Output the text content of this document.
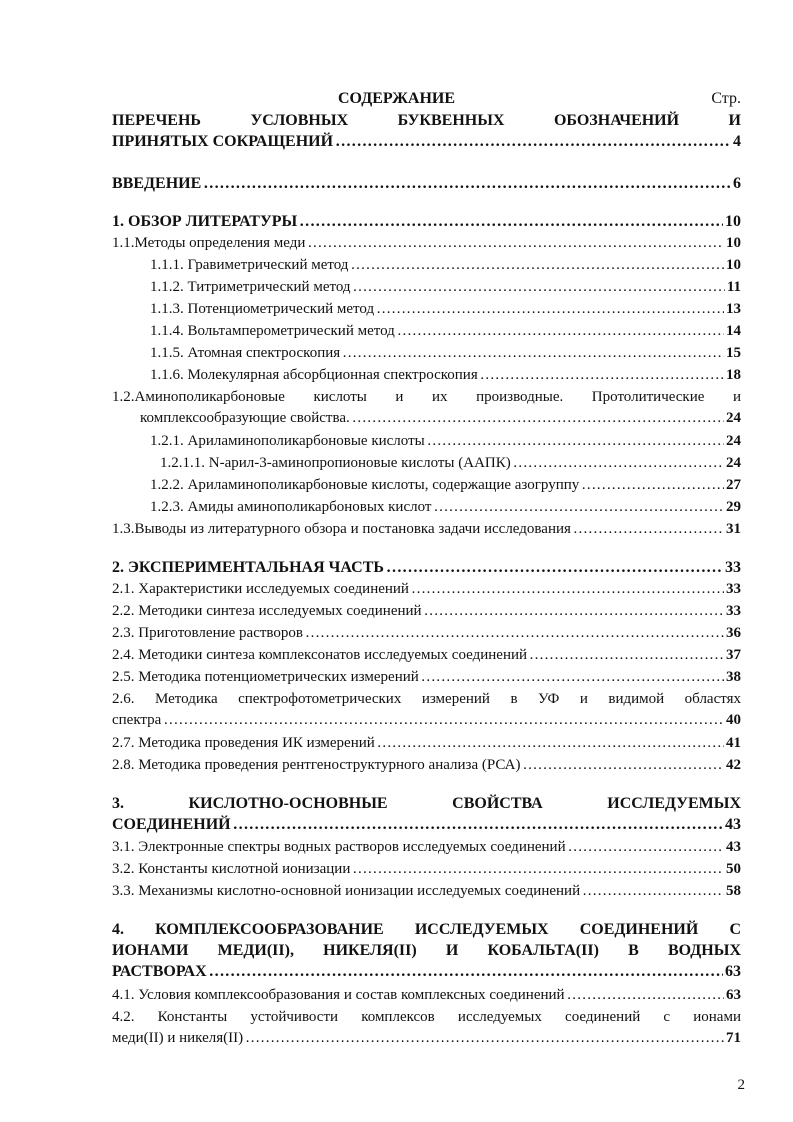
СОДЕРЖАНИЕ	Стр.
ПЕРЕЧЕНЬ УСЛОВНЫХ БУКВЕННЫХ ОБОЗНАЧЕНИЙ И
ПРИНЯТЫХ СОКРАЩЕНИЙ ……………………………………………………………………………………………………………………………………………………………………	4
ВВЕДЕНИЕ ……………………………………………………………………………………………………………………………………………………………………	6
1. ОБЗОР ЛИТЕРАТУРЫ ……………………………………………………………………………………………………………………………………………………………………	10
1.1.Методы определения меди ……………………………………………………………………………………………………………………………………………………………………	10
1.1.1. Гравиметрический метод ……………………………………………………………………………………………………………………………………………………………………	10
1.1.2. Титриметрический метод ……………………………………………………………………………………………………………………………………………………………………	11
1.1.3. Потенциометрический метод ……………………………………………………………………………………………………………………………………………………………………	13
1.1.4. Вольтамперометрический метод ……………………………………………………………………………………………………………………………………………………………………	14
1.1.5. Атомная спектроскопия ……………………………………………………………………………………………………………………………………………………………………	15
1.1.6. Молекулярная абсорбционная спектроскопия ……………………………………………………………………………………………………………………………………………………………………	18
1.2.Аминополикарбоновые кислоты и их производные. Протолитические и
комплексообразующие свойства. ……………………………………………………………………………………………………………………………………………………………………	24
1.2.1. Ариламинополикарбоновые кислоты ……………………………………………………………………………………………………………………………………………………………………	24
1.2.1.1. N-арил-3-аминопропионовые кислоты (ААПК) ……………………………………………………………………………………………………………………………………………………………………	24
1.2.2. Ариламинополикарбоновые кислоты, содержащие азогруппу ……………………………………………………………………………………………………………………………………………………………………	27
1.2.3. Амиды аминополикарбоновых кислот ……………………………………………………………………………………………………………………………………………………………………	29
1.3.Выводы из литературного обзора и постановка задачи исследования ……………………………………………………………………………………………………………………………………………………………………	31
2. ЭКСПЕРИМЕНТАЛЬНАЯ ЧАСТЬ ……………………………………………………………………………………………………………………………………………………………………	33
2.1. Характеристики исследуемых соединений ……………………………………………………………………………………………………………………………………………………………………	33
2.2. Методики синтеза исследуемых соединений ……………………………………………………………………………………………………………………………………………………………………	33
2.3. Приготовление растворов ……………………………………………………………………………………………………………………………………………………………………	36
2.4. Методики синтеза комплексонатов исследуемых соединений ……………………………………………………………………………………………………………………………………………………………………	37
2.5. Методика потенциометрических измерений ……………………………………………………………………………………………………………………………………………………………………	38
2.6. Методика спектрофотометрических измерений в УФ и видимой областях
спектра ……………………………………………………………………………………………………………………………………………………………………	40
2.7. Методика проведения ИК измерений ……………………………………………………………………………………………………………………………………………………………………	41
2.8. Методика проведения рентгеноструктурного анализа (РСА) ……………………………………………………………………………………………………………………………………………………………………	42
3. КИСЛОТНО-ОСНОВНЫЕ СВОЙСТВА ИССЛЕДУЕМЫХ
СОЕДИНЕНИЙ ……………………………………………………………………………………………………………………………………………………………………	43
3.1. Электронные спектры водных растворов исследуемых соединений ……………………………………………………………………………………………………………………………………………………………………	43
3.2. Константы кислотной ионизации ……………………………………………………………………………………………………………………………………………………………………	50
3.3. Механизмы кислотно-основной ионизации исследуемых соединений ……………………………………………………………………………………………………………………………………………………………………	58
4. КОМПЛЕКСООБРАЗОВАНИЕ ИССЛЕДУЕМЫХ СОЕДИНЕНИЙ С
ИОНАМИ МЕДИ(II), НИКЕЛЯ(II) И КОБАЛЬТА(II) В ВОДНЫХ
РАСТВОРАХ ……………………………………………………………………………………………………………………………………………………………………	63
4.1. Условия комплексообразования и состав комплексных соединений ……………………………………………………………………………………………………………………………………………………………………	63
4.2. Константы устойчивости комплексов исследуемых соединений с ионами
меди(II) и никеля(II) ……………………………………………………………………………………………………………………………………………………………………	71
2
